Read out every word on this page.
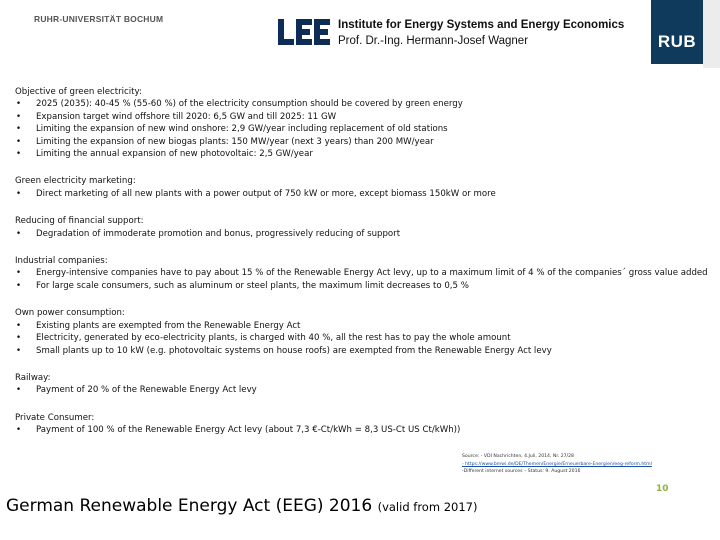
RUHR-UNIVERSITÄT BOCHUM	Institute for Energy Systems and Energy Economics
Prof. Dr.-Ing. Hermann-Josef Wagner	RUB
Objective of green electricity:
• 2025 (2035): 40-45 % (55-60 %) of the electricity consumption should be covered by green energy
• Expansion target wind offshore till 2020: 6,5 GW and till 2025: 11 GW
• Limiting the expansion of new wind onshore: 2,9 GW/year including replacement of old stations
• Limiting the expansion of new biogas plants: 150 MW/year (next 3 years) than 200 MW/year
• Limiting the annual expansion of new photovoltaic: 2,5 GW/year
Green electricity marketing:
• Direct marketing of all new plants with a power output of 750 kW or more, except biomass 150kW or more
Reducing of financial support:
• Degradation of immoderate promotion and bonus, progressively reducing of support
Industrial companies:
• Energy-intensive companies have to pay about 15 % of the Renewable Energy Act levy, up to a maximum limit of 4 % of the companies´ gross value added
• For large scale consumers, such as aluminum or steel plants, the maximum limit decreases to 0,5 %
Own power consumption:
• Existing plants are exempted from the Renewable Energy Act
• Electricity, generated by eco-electricity plants, is charged with 40 %, all the rest has to pay the whole amount
• Small plants up to 10 kW (e.g. photovoltaic systems on house roofs) are exempted from the Renewable Energy Act levy
Railway:
• Payment of 20 % of the Renewable Energy Act levy
Private Consumer:
• Payment of 100 % of the Renewable Energy Act levy (about 7,3 €-Ct/kWh = 8,3 US-Ct US Ct/kWh))
Source: - VDI Nachrichten, 4.Juli, 2014, Nr. 27/28
- https://www.bmwi.de/DE/Themen/Energie/Erneuerbare-Energien/eeg-reform.html
-Different internet sources – Status: 9. August 2016
German Renewable Energy Act (EEG) 2016 (valid from 2017)
10
